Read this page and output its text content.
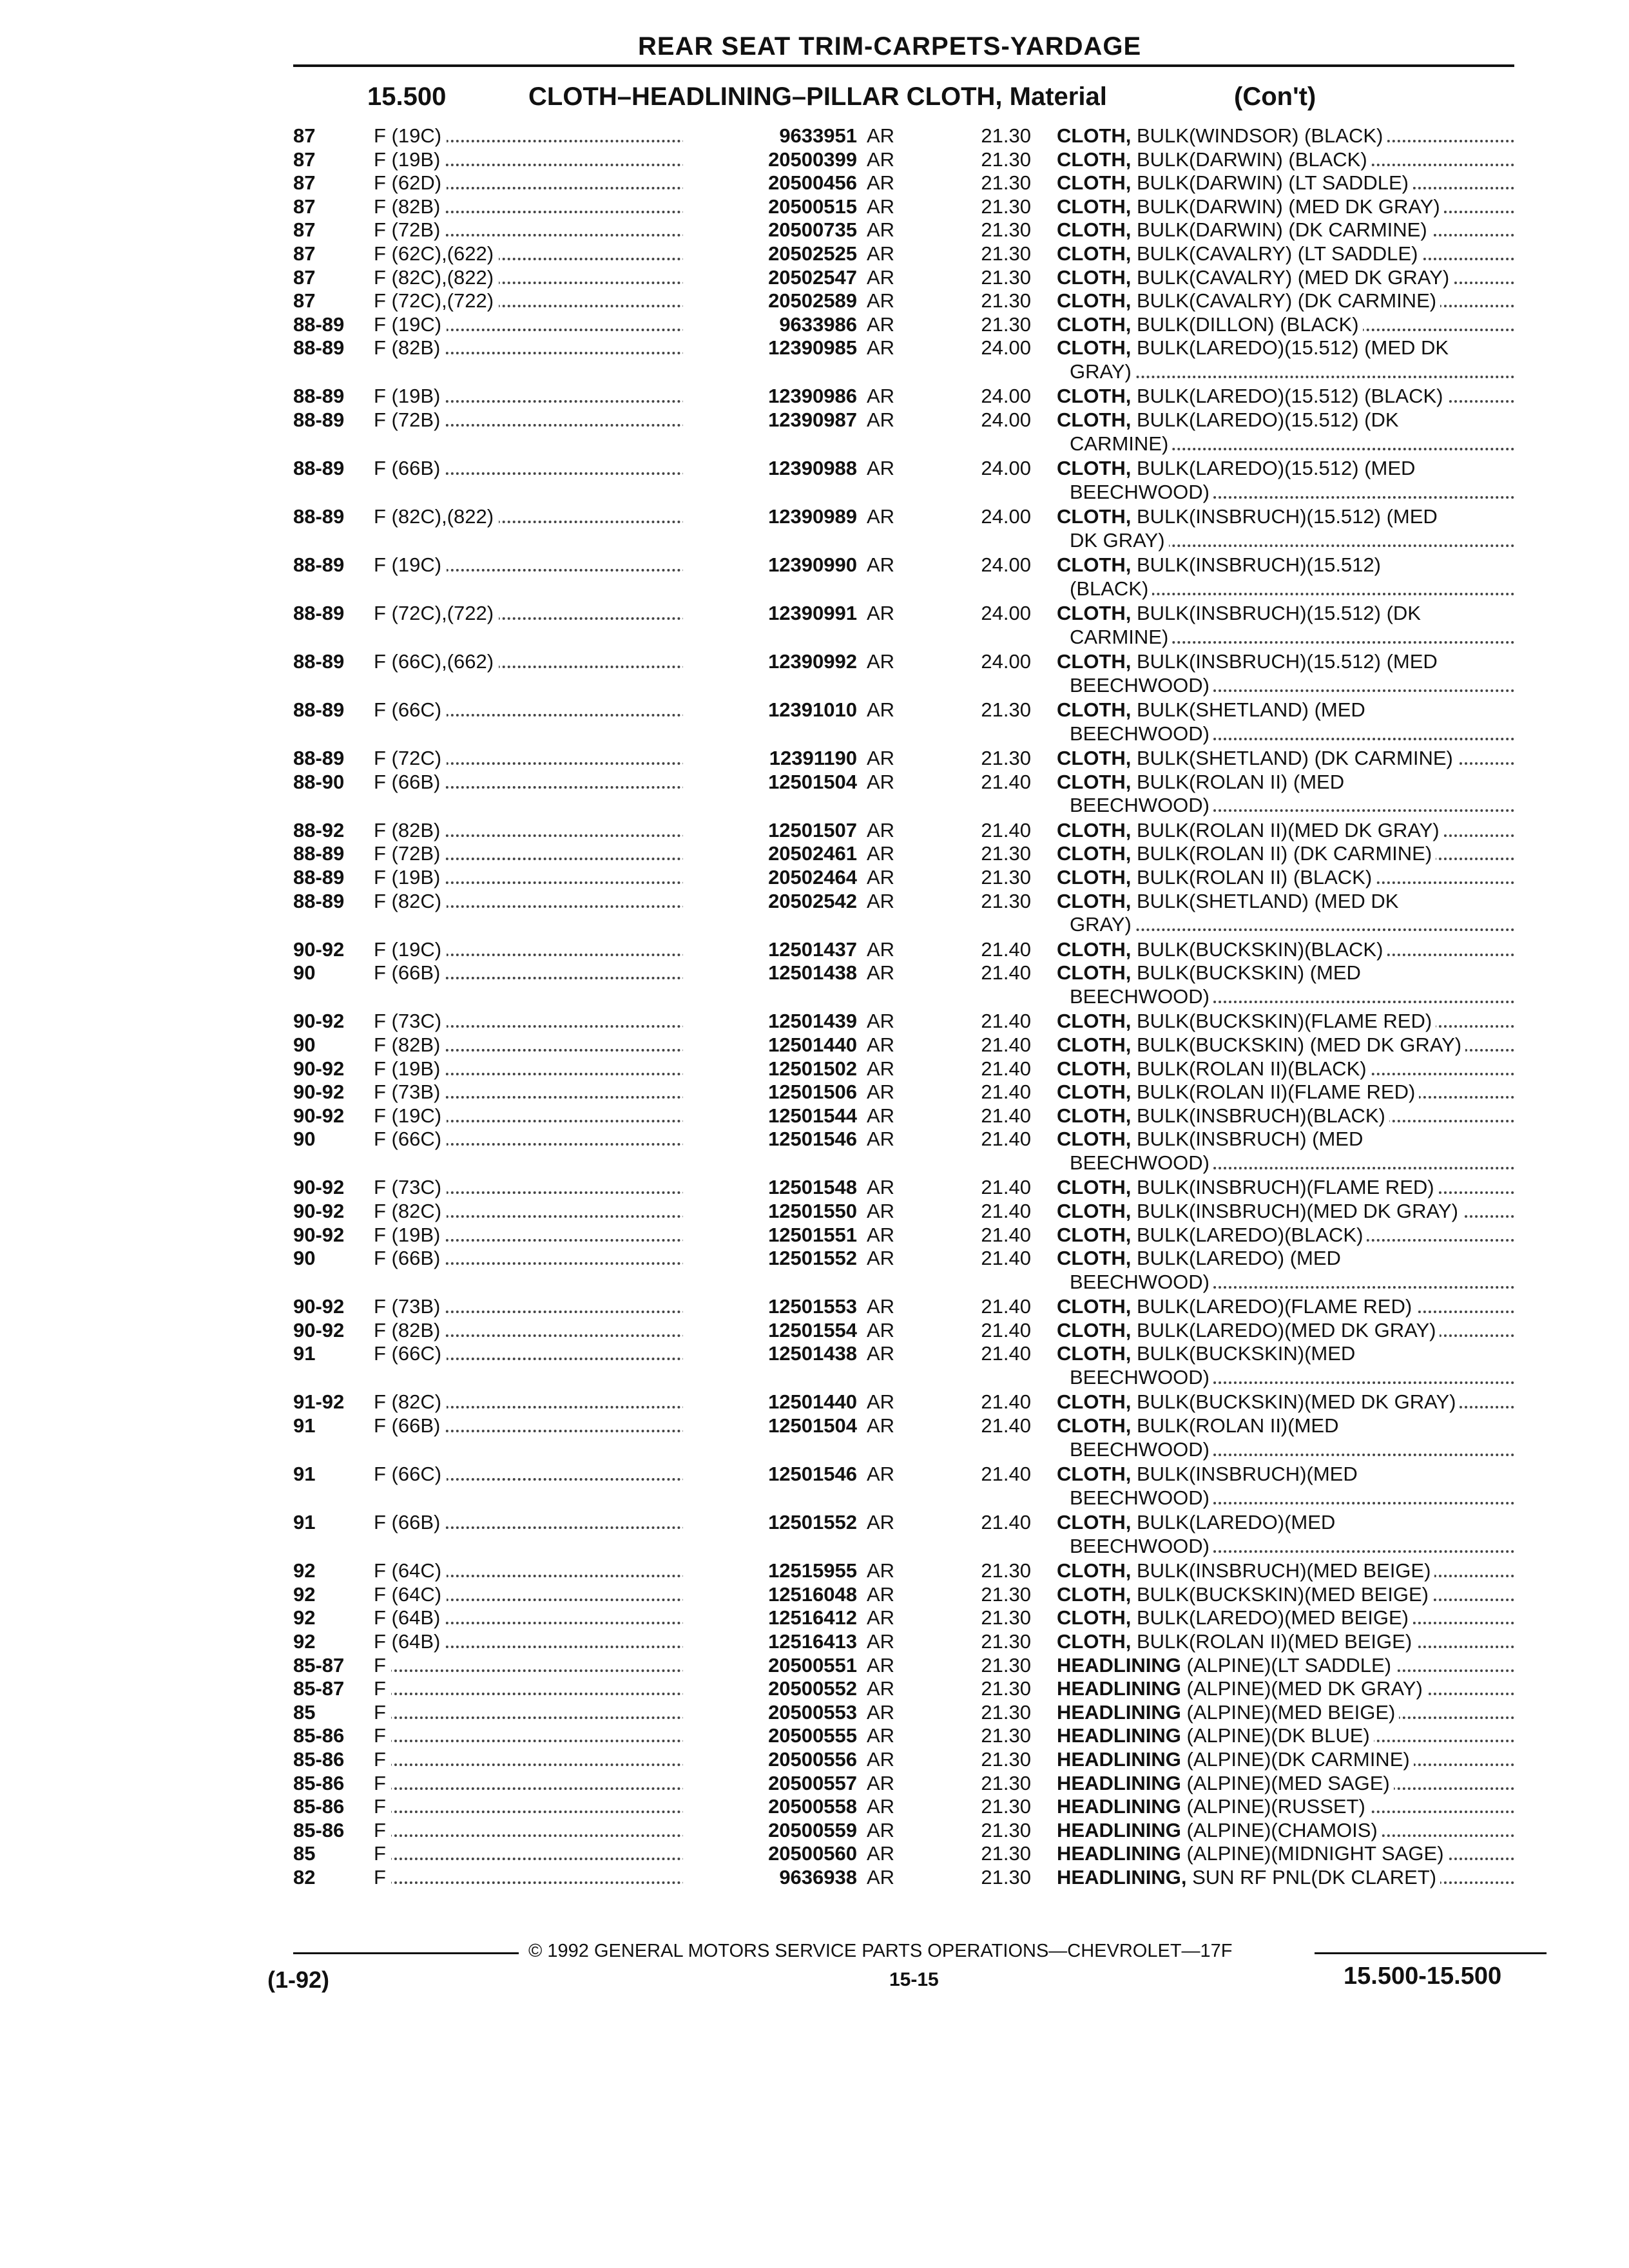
REAR SEAT TRIM-CARPETS-YARDAGE
15.500	CLOTH–HEADLINING–PILLAR CLOTH, Material	(Con't)
87	F (19C)	9633951 AR	21.30 CLOTH, BULK(WINDSOR) (BLACK)
87	F (19B)	20500399 AR	21.30 CLOTH, BULK(DARWIN) (BLACK)
87	F (62D)	20500456 AR	21.30 CLOTH, BULK(DARWIN) (LT SADDLE)
87	F (82B)	20500515 AR	21.30 CLOTH, BULK(DARWIN) (MED DK GRAY)
87	F (72B)	20500735 AR	21.30 CLOTH, BULK(DARWIN) (DK CARMINE)
87	F (62C),(622)	20502525 AR	21.30 CLOTH, BULK(CAVALRY) (LT SADDLE)
87	F (82C),(822)	20502547 AR	21.30 CLOTH, BULK(CAVALRY) (MED DK GRAY)
87	F (72C),(722)	20502589 AR	21.30 CLOTH, BULK(CAVALRY) (DK CARMINE)
88-89	F (19C)	9633986 AR	21.30 CLOTH, BULK(DILLON) (BLACK)
88-89	F (82B)	12390985 AR	24.00 CLOTH, BULK(LAREDO)(15.512) (MED DK
GRAY)
88-89	F (19B)	12390986 AR	24.00 CLOTH, BULK(LAREDO)(15.512) (BLACK)
88-89	F (72B)	12390987 AR	24.00 CLOTH, BULK(LAREDO)(15.512) (DK
CARMINE)
88-89	F (66B)	12390988 AR	24.00 CLOTH, BULK(LAREDO)(15.512) (MED
BEECHWOOD)
88-89	F (82C),(822)	12390989 AR	24.00 CLOTH, BULK(INSBRUCH)(15.512) (MED
DK GRAY)
88-89	F (19C)	12390990 AR	24.00 CLOTH, BULK(INSBRUCH)(15.512)
(BLACK)
88-89	F (72C),(722)	12390991 AR	24.00 CLOTH, BULK(INSBRUCH)(15.512) (DK
CARMINE)
88-89	F (66C),(662)	12390992 AR	24.00 CLOTH, BULK(INSBRUCH)(15.512) (MED
BEECHWOOD)
88-89	F (66C)	12391010 AR	21.30 CLOTH, BULK(SHETLAND) (MED
BEECHWOOD)
88-89	F (72C)	12391190 AR	21.30 CLOTH, BULK(SHETLAND) (DK CARMINE)
88-90	F (66B)	12501504 AR	21.40 CLOTH, BULK(ROLAN II) (MED
BEECHWOOD)
88-92	F (82B)	12501507 AR	21.40 CLOTH, BULK(ROLAN II)(MED DK GRAY)
88-89	F (72B)	20502461 AR	21.30 CLOTH, BULK(ROLAN II) (DK CARMINE)
88-89	F (19B)	20502464 AR	21.30 CLOTH, BULK(ROLAN II) (BLACK)
88-89	F (82C)	20502542 AR	21.30 CLOTH, BULK(SHETLAND) (MED DK
GRAY)
90-92	F (19C)	12501437 AR	21.40 CLOTH, BULK(BUCKSKIN)(BLACK)
90	F (66B)	12501438 AR	21.40 CLOTH, BULK(BUCKSKIN) (MED
BEECHWOOD)
90-92	F (73C)	12501439 AR	21.40 CLOTH, BULK(BUCKSKIN)(FLAME RED)
90	F (82B)	12501440 AR	21.40 CLOTH, BULK(BUCKSKIN) (MED DK GRAY)
90-92	F (19B)	12501502 AR	21.40 CLOTH, BULK(ROLAN II)(BLACK)
90-92	F (73B)	12501506 AR	21.40 CLOTH, BULK(ROLAN II)(FLAME RED)
90-92	F (19C)	12501544 AR	21.40 CLOTH, BULK(INSBRUCH)(BLACK)
90	F (66C)	12501546 AR	21.40 CLOTH, BULK(INSBRUCH) (MED
BEECHWOOD)
90-92	F (73C)	12501548 AR	21.40 CLOTH, BULK(INSBRUCH)(FLAME RED)
90-92	F (82C)	12501550 AR	21.40 CLOTH, BULK(INSBRUCH)(MED DK GRAY)
90-92	F (19B)	12501551 AR	21.40 CLOTH, BULK(LAREDO)(BLACK)
90	F (66B)	12501552 AR	21.40 CLOTH, BULK(LAREDO) (MED
BEECHWOOD)
90-92	F (73B)	12501553 AR	21.40 CLOTH, BULK(LAREDO)(FLAME RED)
90-92	F (82B)	12501554 AR	21.40 CLOTH, BULK(LAREDO)(MED DK GRAY)
91	F (66C)	12501438 AR	21.40 CLOTH, BULK(BUCKSKIN)(MED
BEECHWOOD)
91-92	F (82C)	12501440 AR	21.40 CLOTH, BULK(BUCKSKIN)(MED DK GRAY)
91	F (66B)	12501504 AR	21.40 CLOTH, BULK(ROLAN II)(MED
BEECHWOOD)
91	F (66C)	12501546 AR	21.40 CLOTH, BULK(INSBRUCH)(MED
BEECHWOOD)
91	F (66B)	12501552 AR	21.40 CLOTH, BULK(LAREDO)(MED
BEECHWOOD)
92	F (64C)	12515955 AR	21.30 CLOTH, BULK(INSBRUCH)(MED BEIGE)
92	F (64C)	12516048 AR	21.30 CLOTH, BULK(BUCKSKIN)(MED BEIGE)
92	F (64B)	12516412 AR	21.30 CLOTH, BULK(LAREDO)(MED BEIGE)
92	F (64B)	12516413 AR	21.30 CLOTH, BULK(ROLAN II)(MED BEIGE)
85-87	F	20500551 AR	21.30 HEADLINING (ALPINE)(LT SADDLE)
85-87	F	20500552 AR	21.30 HEADLINING (ALPINE)(MED DK GRAY)
85	F	20500553 AR	21.30 HEADLINING (ALPINE)(MED BEIGE)
85-86	F	20500555 AR	21.30 HEADLINING (ALPINE)(DK BLUE)
85-86	F	20500556 AR	21.30 HEADLINING (ALPINE)(DK CARMINE)
85-86	F	20500557 AR	21.30 HEADLINING (ALPINE)(MED SAGE)
85-86	F	20500558 AR	21.30 HEADLINING (ALPINE)(RUSSET)
85-86	F	20500559 AR	21.30 HEADLINING (ALPINE)(CHAMOIS)
85	F	20500560 AR	21.30 HEADLINING (ALPINE)(MIDNIGHT SAGE)
82	F	9636938 AR	21.30 HEADLINING, SUN RF PNL(DK CLARET)
© 1992 GENERAL MOTORS SERVICE PARTS OPERATIONS—CHEVROLET—17F
(1-92)	15-15	15.500-15.500
